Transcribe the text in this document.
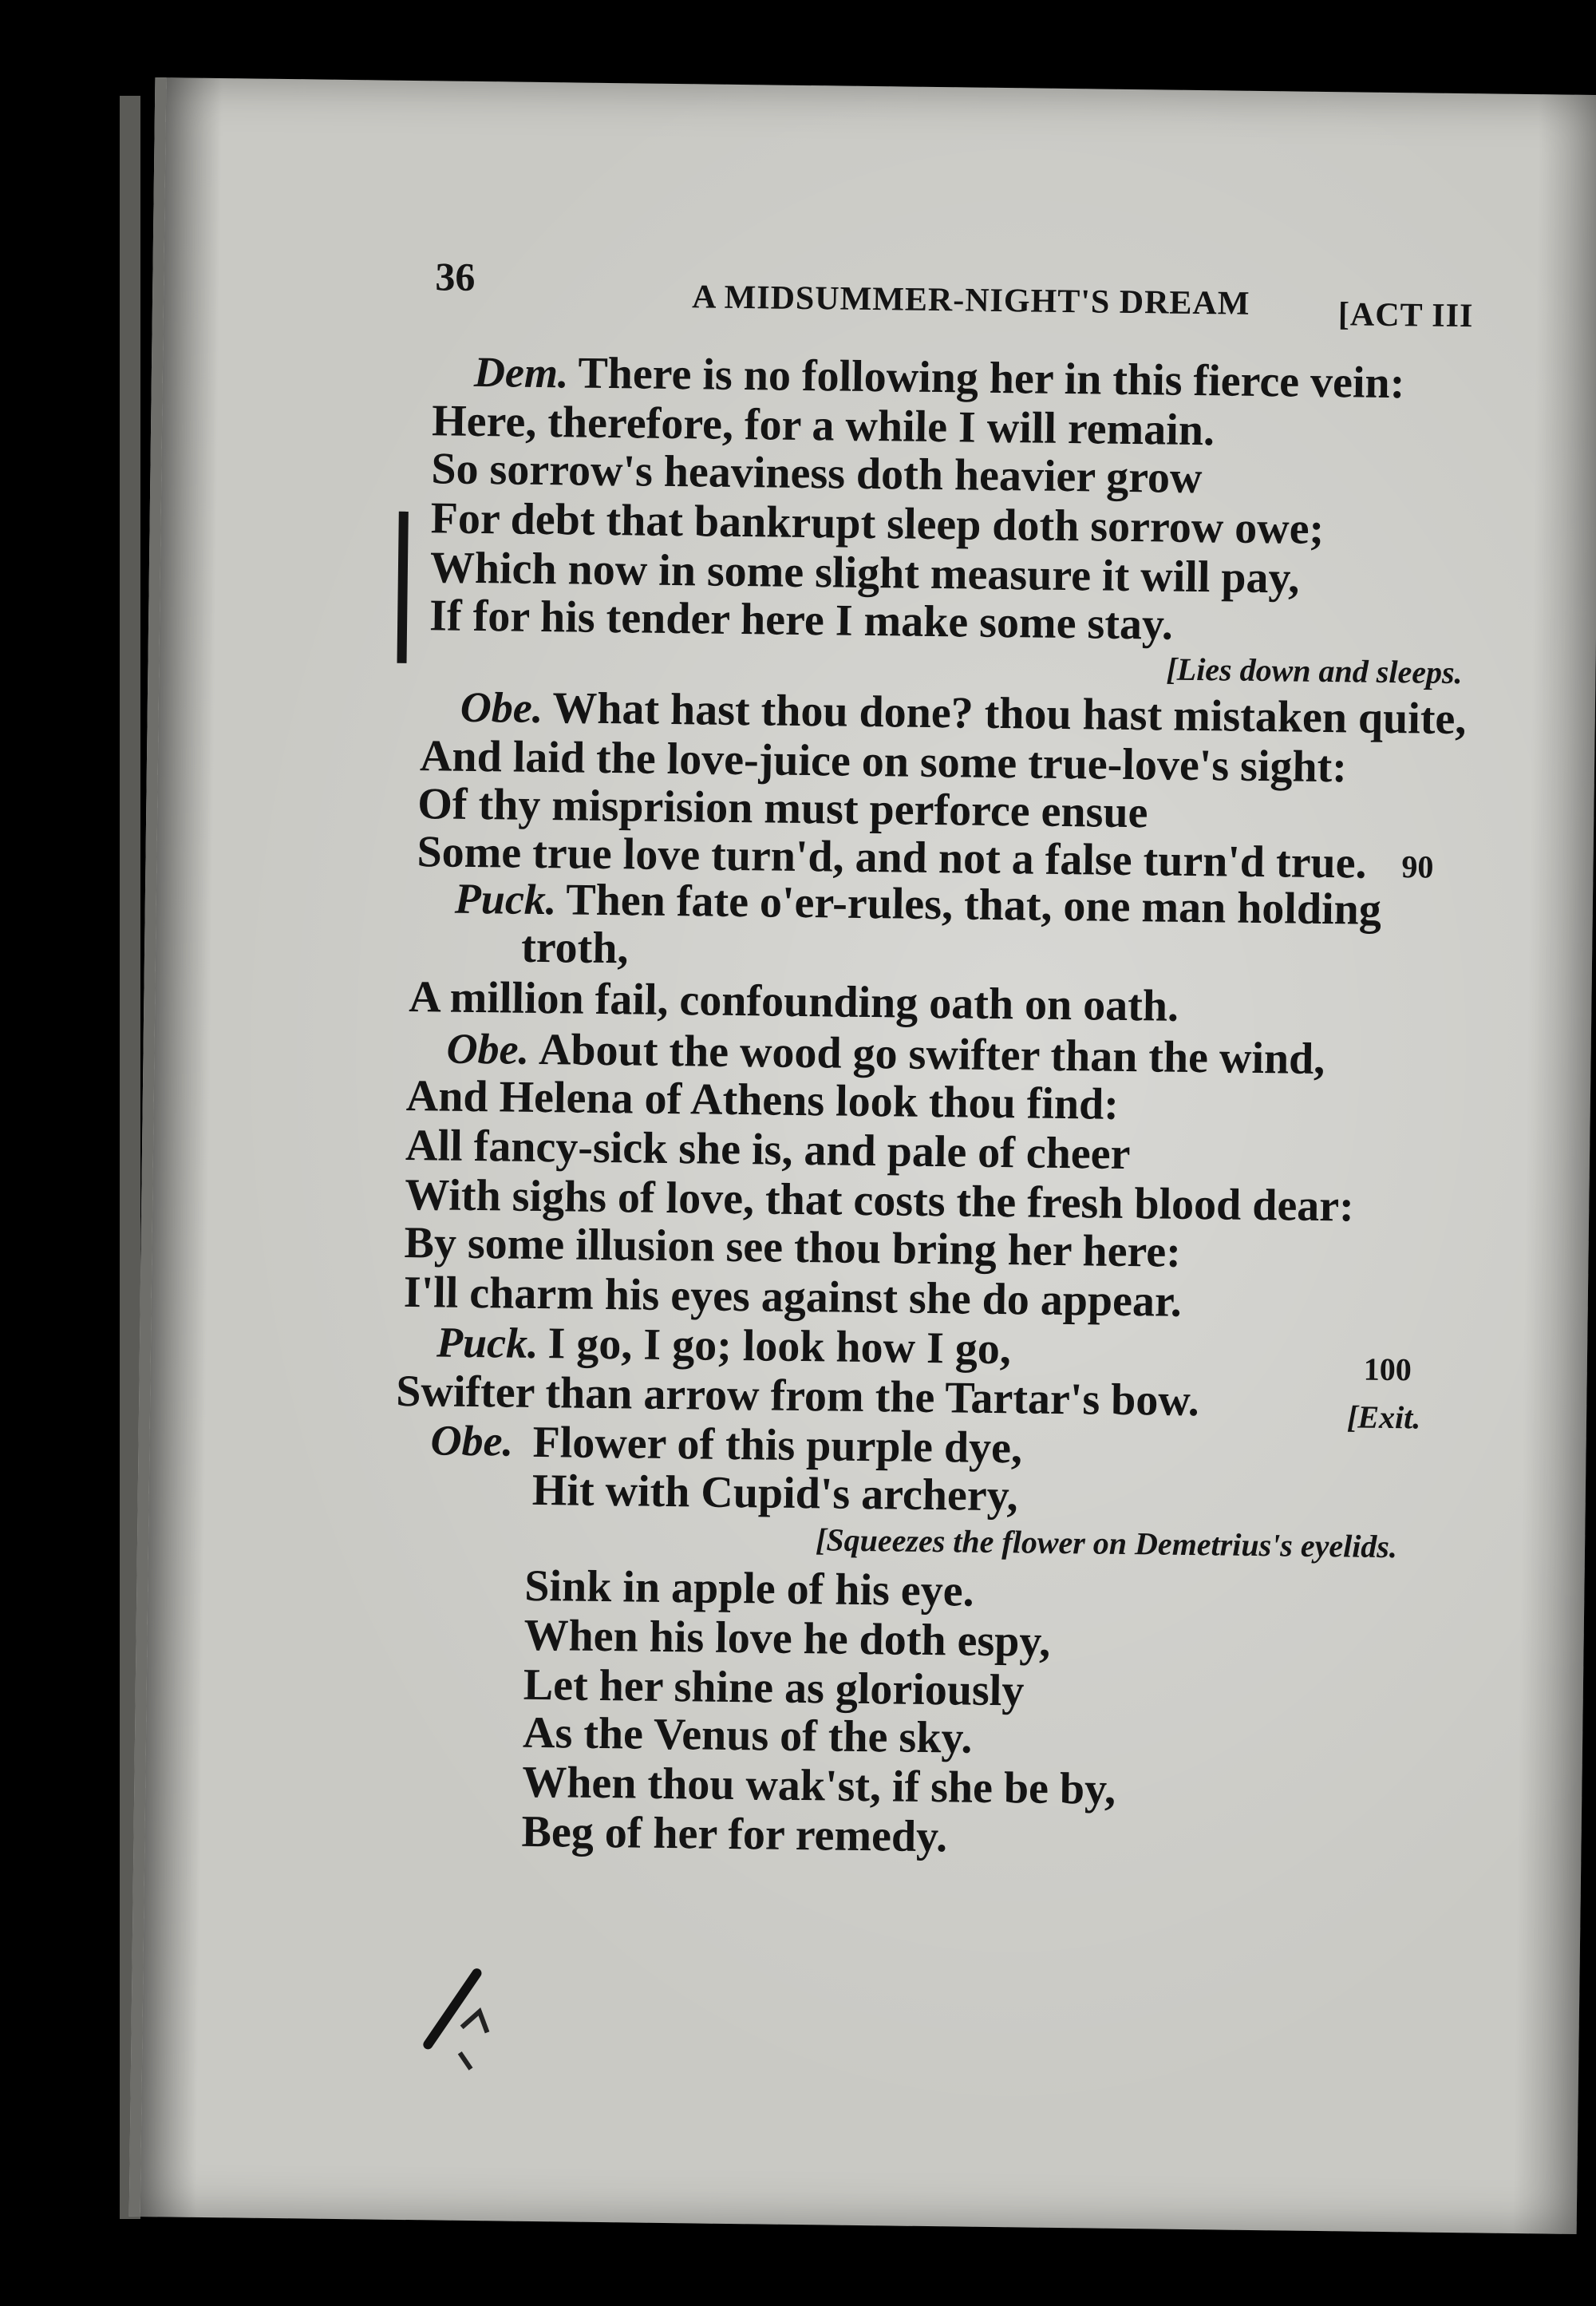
36
A MIDSUMMER-NIGHT'S DREAM	[ACT III
Dem. There is no following her in this fierce vein:
Here, therefore, for a while I will remain.
So sorrow's heaviness doth heavier grow
For debt that bankrupt sleep doth sorrow owe;
Which now in some slight measure it will pay,
If for his tender here I make some stay.
[Lies down and sleeps.
Obe. What hast thou done? thou hast mistaken quite,
And laid the love-juice on some true-love's sight:
Of thy misprision must perforce ensue
Some true love turn'd, and not a false turn'd true. 90
Puck. Then fate o'er-rules, that, one man holding
troth,
A million fail, confounding oath on oath.
Obe. About the wood go swifter than the wind,
And Helena of Athens look thou find:
All fancy-sick she is, and pale of cheer
With sighs of love, that costs the fresh blood dear:
By some illusion see thou bring her here:
I'll charm his eyes against she do appear.
Puck. I go, I go; look how I go,	100
Swifter than arrow from the Tartar's bow.	[Exit.
Obe. Flower of this purple dye,
Hit with Cupid's archery,
[Squeezes the flower on Demetrius's eyelids.
Sink in apple of his eye.
When his love he doth espy,
Let her shine as gloriously
As the Venus of the sky.
When thou wak'st, if she be by,
Beg of her for remedy.
